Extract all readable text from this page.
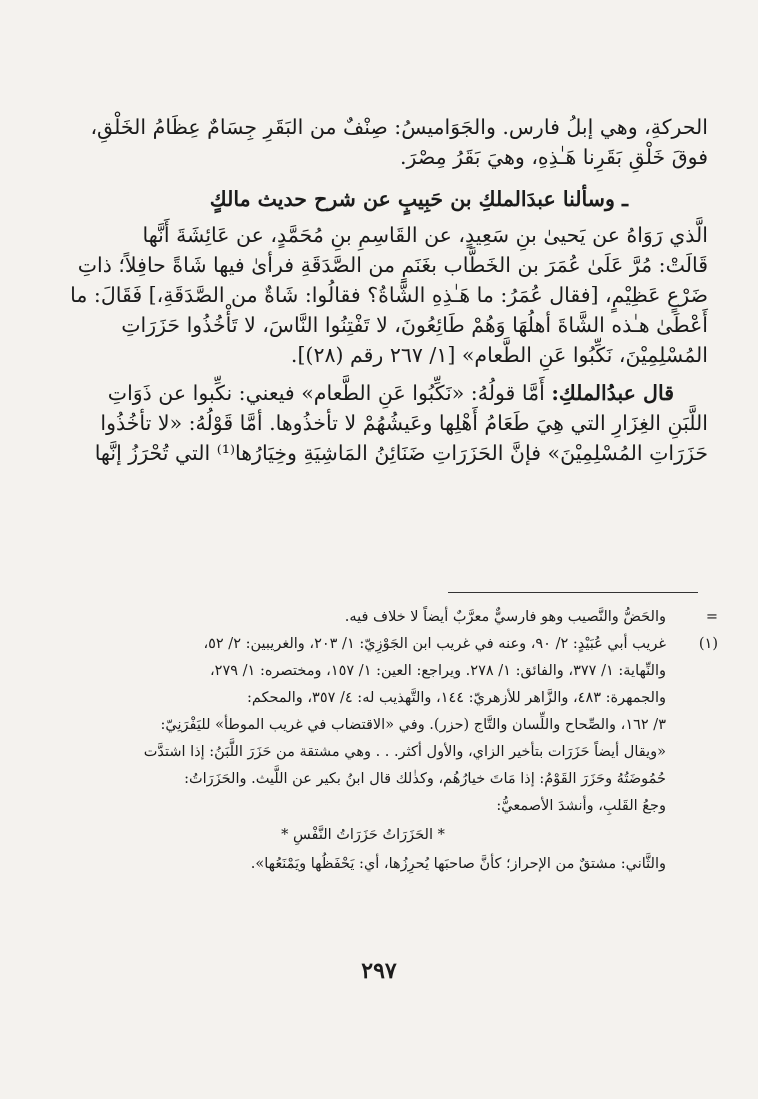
الحركةِ، وهي إبلُ فارس. والجَوَاميسُ: صِنْفٌ من البَقَرِ جِسَامٌ عِظَامُ الخَلْقِ،

فوقَ خَلْقِ بَقَرِنا هَـٰذِهِ، وهيَ بَقَرُ مِصْرَ.

ـ وسألنا عبدَالملكِ بن حَبِيبٍ عن شرح حديث مالكٍ

الَّذي رَوَاهُ عن يَحيىٰ بنِ سَعِيدٍ، عن القَاسِمِ بنِ مُحَمَّدٍ، عن عَائِشَةَ أَنَّها

قَالَتْ: مُرَّ عَلَىٰ عُمَرَ بن الخَطَّاب بغَنَمٍ من الصَّدَقَةِ فرأىٰ فيها شَاةً حافِلاً؛ ذاتِ

ضَرْعٍ عَظِيْمٍ، [فقال عُمَرُ: ما هَـٰذِهِ الشَّاةُ؟ فقالُوا: شَاةٌ من الصَّدَقَةِ،] فَقَالَ: ما

أَعْطَىٰ هـٰذه الشَّاةَ أهلُهَا وَهُمْ طَائِعُونَ، لا تَفْتِنُوا النَّاسَ، لا تَأْخُذُوا حَزَرَاتِ

المُسْلِمِيْنَ، نَكِّبُوا عَنِ الطَّعام» [١/ ٢٦٧ رقم (٢٨)].

قال عبدُالملكِ: أَمَّا قولُهُ: «نَكِّبُوا عَنِ الطَّعام» فيعني: نكِّبوا عن ذَوَاتِ

اللَّبَنِ الغِزَارِ التي هِيَ طَعَامُ أَهْلِها وعَيشُهُمْ لا تأخذُوها. أمَّا قَوْلُهُ: «لا تأخُذُوا

حَزَرَاتِ المُسْلِمِيْنَ» فإنَّ الحَزَرَاتِ ضَنَائِنُ المَاشِيَةِ وخِيَارُها⁽¹⁾ التي تُحْرَزُ إنَّها

=
والحَضُّ والنَّصيب وهو فارسيٌّ معرَّبٌ أيضاً لا خلاف فيه.

(١)
غريب أبي عُبَيْدٍ: ٢/ ٩٠، وعنه في غريب ابن الجَوْزِيّ: ١/ ٢٠٣، والغريبين: ٢/ ٥٢،

والنِّهاية: ١/ ٣٧٧، والفائق: ١/ ٢٧٨. ويراجع: العين: ١/ ١٥٧، ومختصره: ١/ ٢٧٩،

والجمهرة: ٤٨٣، والزَّاهر للأزهريّ: ١٤٤، والتَّهذيب له: ٤/ ٣٥٧، والمحكم:

٣/ ١٦٢، والصِّحاح واللِّسان والتَّاج (حزر). وفي «الاقتضاب في غريب الموطأ» لليَفْرَنِيّ:

«ويقال أيضاً حَزَرَات بتأخير الزاي، والأول أكثر. . . وهي مشتقة من حَزَرَ اللَّبَنُ: إذا اشتدَّت

حُمُوضَتُهُ وحَزَرَ القَوْمُ: إذا مَاتَ خيارُهُم، وكذٰلك قال ابنُ بكير عن اللَّيث. والحَزَرَاتُ:

وجعُ القَلبِ، وأنشدَ الأصمعيُّ:

* الحَزَرَاتُ حَزَرَاتُ النَّفْسِ *

والثَّاني: مشتقٌ من الإحراز؛ كأنَّ صاحبَها يُحرِزُها، أي: يَحْفَظُها ويَمْنَعُها».

٢٩٧
